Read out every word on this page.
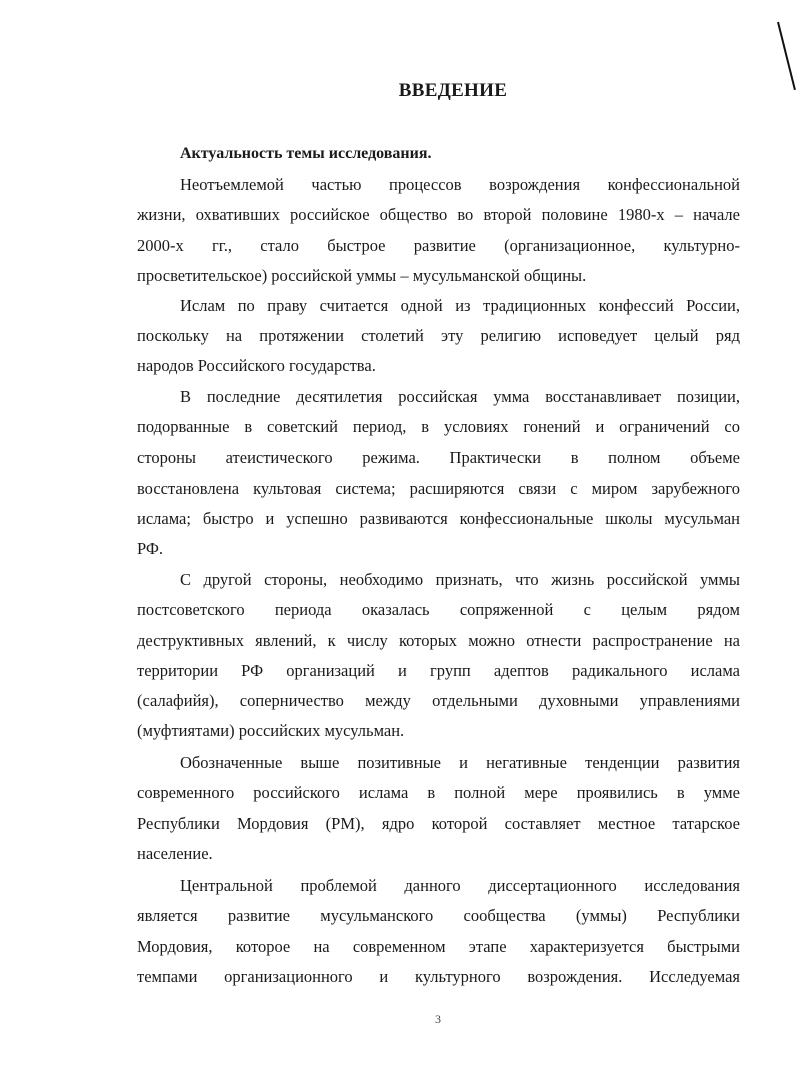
ВВЕДЕНИЕ
Актуальность темы исследования.
Неотъемлемой частью процессов возрождения конфессиональной
жизни, охвативших российское общество во второй половине 1980-х – начале
2000-х гг., стало быстрое развитие (организационное, культурно-
просветительское) российской уммы – мусульманской общины.
Ислам по праву считается одной из традиционных конфессий России,
поскольку на протяжении столетий эту религию исповедует целый ряд
народов Российского государства.
В последние десятилетия российская умма восстанавливает позиции,
подорванные в советский период, в условиях гонений и ограничений со
стороны атеистического режима. Практически в полном объеме
восстановлена культовая система; расширяются связи с миром зарубежного
ислама; быстро и успешно развиваются конфессиональные школы мусульман
РФ.
С другой стороны, необходимо признать, что жизнь российской уммы
постсоветского периода оказалась сопряженной с целым рядом
деструктивных явлений, к числу которых можно отнести распространение на
территории РФ организаций и групп адептов радикального ислама
(салафийя), соперничество между отдельными духовными управлениями
(муфтиятами) российских мусульман.
Обозначенные выше позитивные и негативные тенденции развития
современного российского ислама в полной мере проявились в умме
Республики Мордовия (РМ), ядро которой составляет местное татарское
население.
Центральной проблемой данного диссертационного исследования
является развитие мусульманского сообщества (уммы) Республики
Мордовия, которое на современном этапе характеризуется быстрыми
темпами организационного и культурного возрождения. Исследуемая
3
